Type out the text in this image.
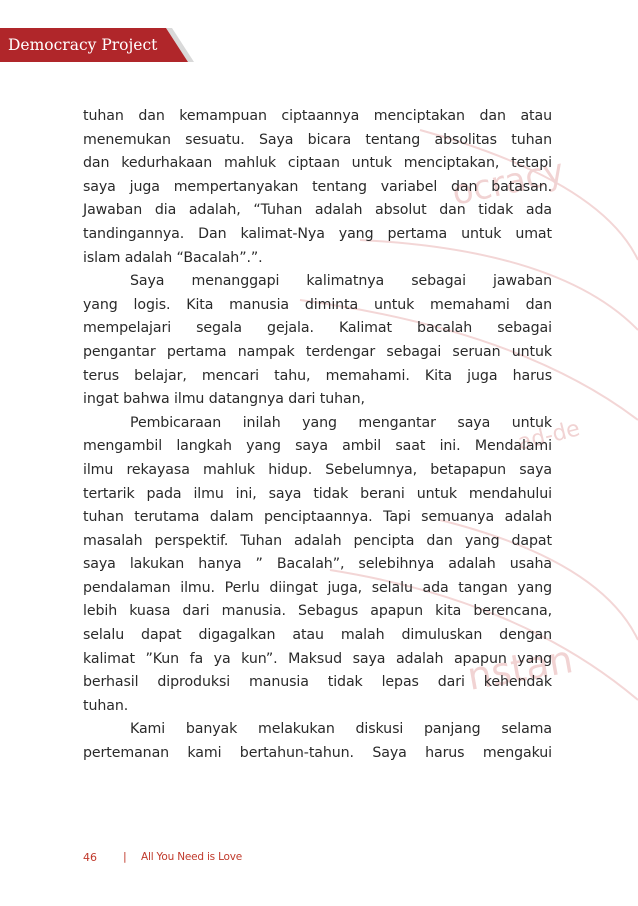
ocracy
ad-de
nstan
Democracy Project

tuhan dan kemampuan ciptaannya menciptakan dan atau
menemukan sesuatu. Saya bicara tentang absolitas tuhan
dan kedurhakaan mahluk ciptaan untuk menciptakan, tetapi
saya juga mempertanyakan tentang variabel dan batasan.
Jawaban dia adalah, “Tuhan adalah absolut dan tidak ada
tandingannya. Dan kalimat-Nya yang pertama untuk umat
islam adalah “Bacalah”.”.

Saya menanggapi kalimatnya sebagai jawaban
yang logis. Kita manusia diminta untuk memahami dan
mempelajari segala gejala. Kalimat bacalah sebagai
pengantar pertama nampak terdengar sebagai seruan untuk
terus belajar, mencari tahu, memahami. Kita juga harus
ingat bahwa ilmu datangnya dari tuhan,

Pembicaraan inilah yang mengantar saya untuk
mengambil langkah yang saya ambil saat ini. Mendalami
ilmu rekayasa mahluk hidup. Sebelumnya, betapapun saya
tertarik pada ilmu ini, saya tidak berani untuk mendahului
tuhan terutama dalam penciptaannya. Tapi semuanya adalah
masalah perspektif. Tuhan adalah pencipta dan yang dapat
saya lakukan hanya ” Bacalah”, selebihnya adalah usaha
pendalaman ilmu. Perlu diingat juga, selalu ada tangan yang
lebih kuasa dari manusia. Sebagus apapun kita berencana,
selalu dapat digagalkan atau malah dimuluskan dengan
kalimat ”Kun fa ya kun”. Maksud saya adalah apapun yang
berhasil diproduksi manusia tidak lepas dari kehendak
tuhan.

Kami banyak melakukan diskusi panjang selama
pertemanan kami bertahun-tahun. Saya harus mengakui

46 | All You Need is Love
